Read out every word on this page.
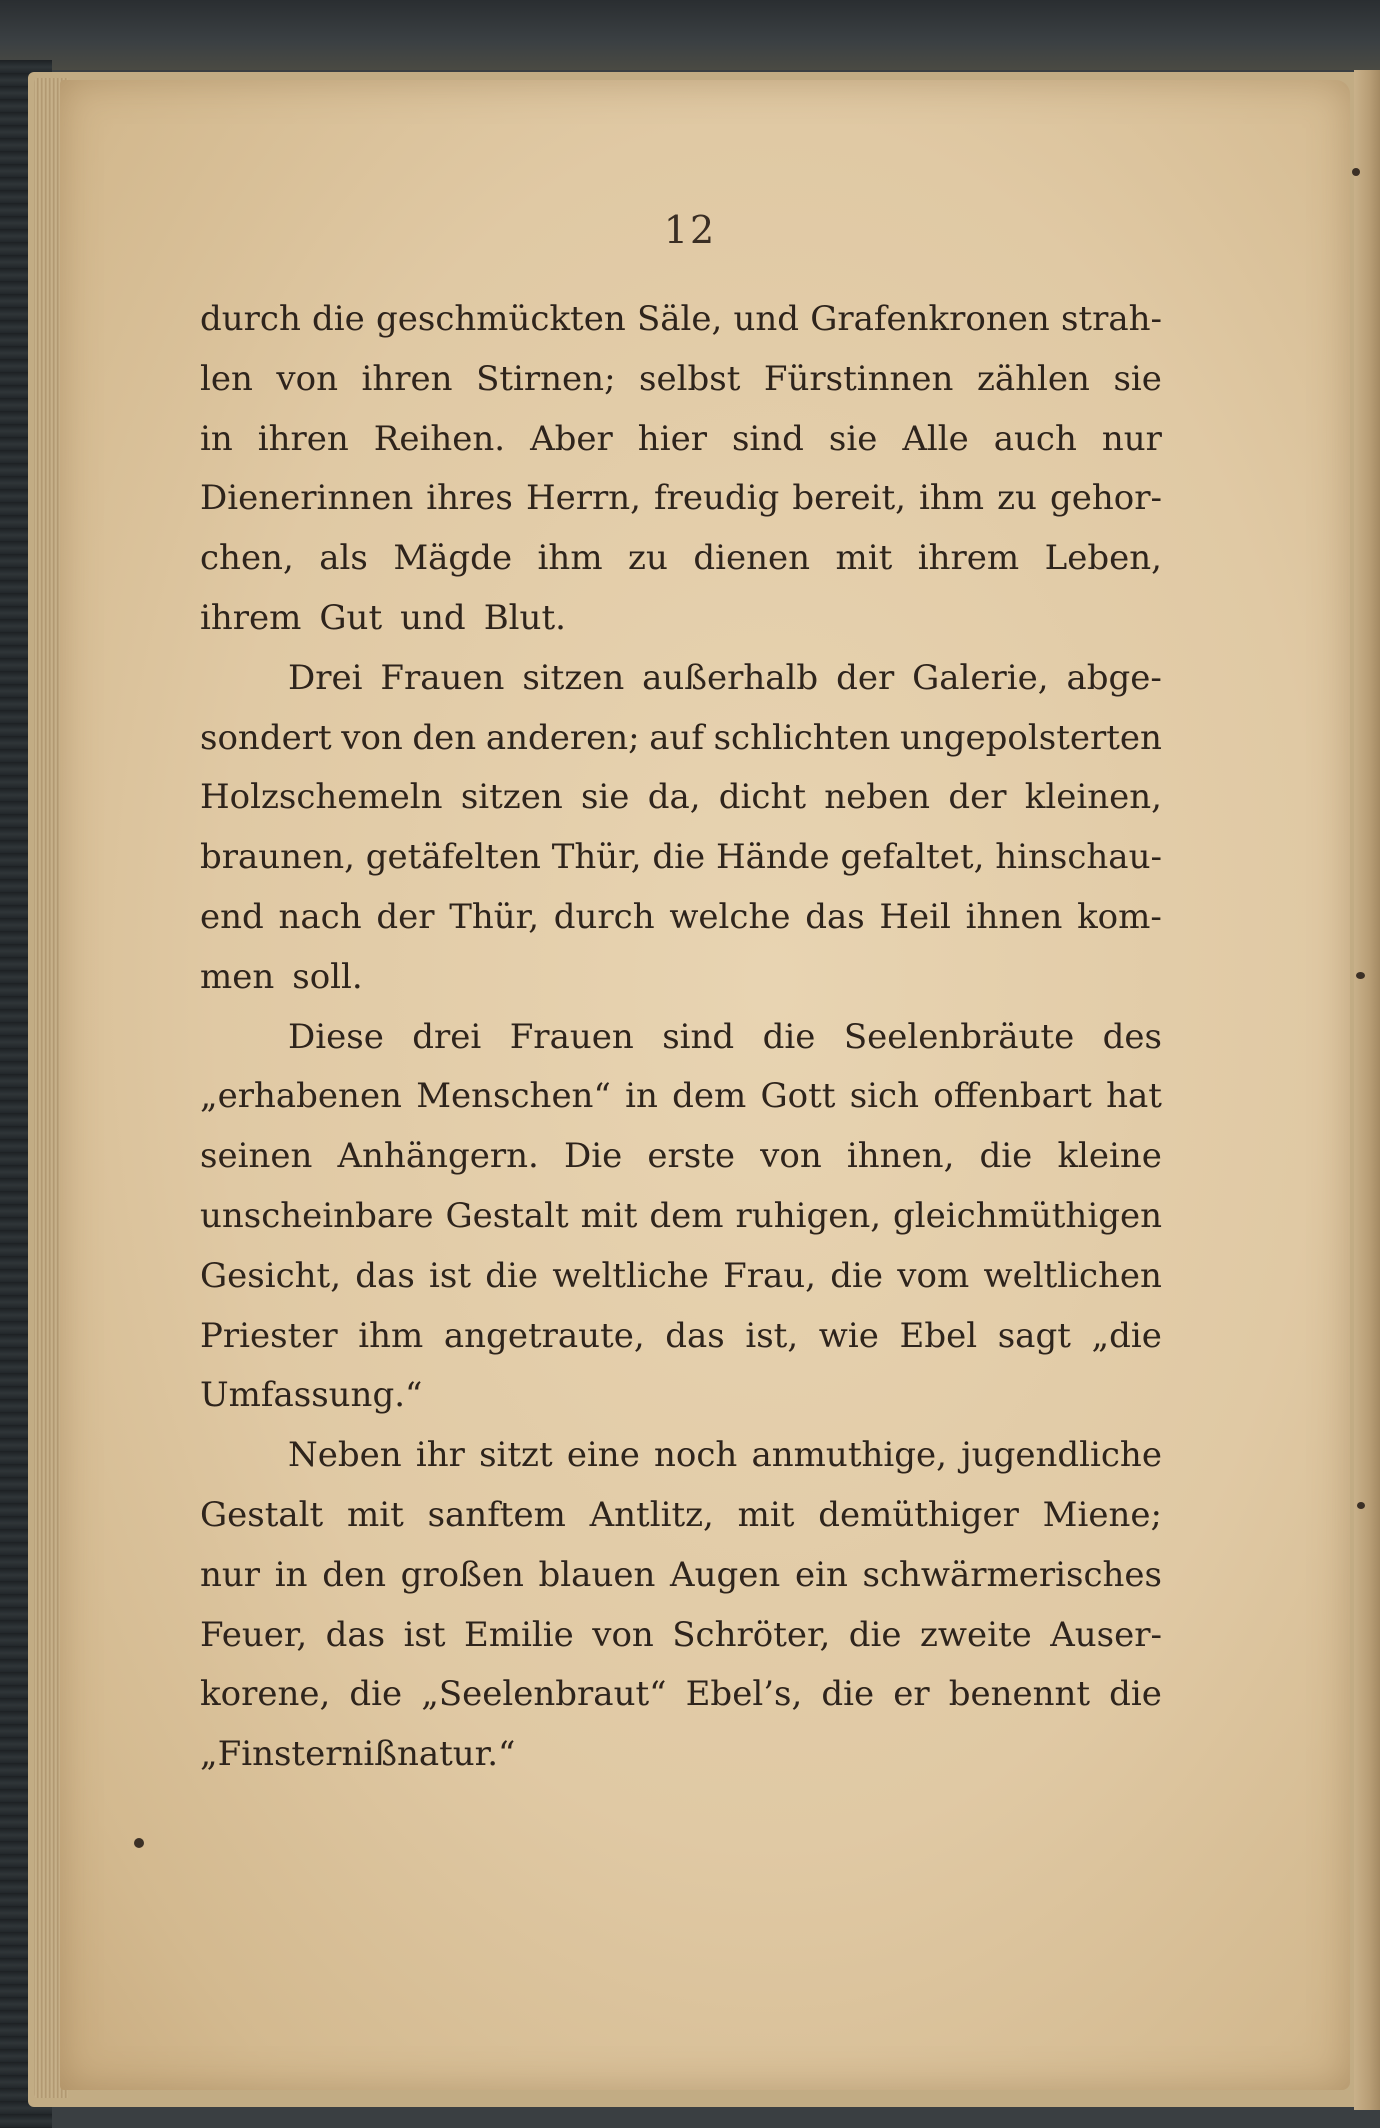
12
durch die geschmückten Säle, und Grafenkronen strah-
len von ihren Stirnen; selbst Fürstinnen zählen sie
in ihren Reihen. Aber hier sind sie Alle auch nur
Dienerinnen ihres Herrn, freudig bereit, ihm zu gehor-
chen, als Mägde ihm zu dienen mit ihrem Leben,
ihrem Gut und Blut.
Drei Frauen sitzen außerhalb der Galerie, abge-
sondert von den anderen; auf schlichten ungepolsterten
Holzschemeln sitzen sie da, dicht neben der kleinen,
braunen, getäfelten Thür, die Hände gefaltet, hinschau-
end nach der Thür, durch welche das Heil ihnen kom-
men soll.
Diese drei Frauen sind die Seelenbräute des
„erhabenen Menschen“ in dem Gott sich offenbart hat
seinen Anhängern. Die erste von ihnen, die kleine
unscheinbare Gestalt mit dem ruhigen, gleichmüthigen
Gesicht, das ist die weltliche Frau, die vom weltlichen
Priester ihm angetraute, das ist, wie Ebel sagt „die
Umfassung.“
Neben ihr sitzt eine noch anmuthige, jugendliche
Gestalt mit sanftem Antlitz, mit demüthiger Miene;
nur in den großen blauen Augen ein schwärmerisches
Feuer, das ist Emilie von Schröter, die zweite Auser-
korene, die „Seelenbraut“ Ebel’s, die er benennt die
„Finsternißnatur.“
